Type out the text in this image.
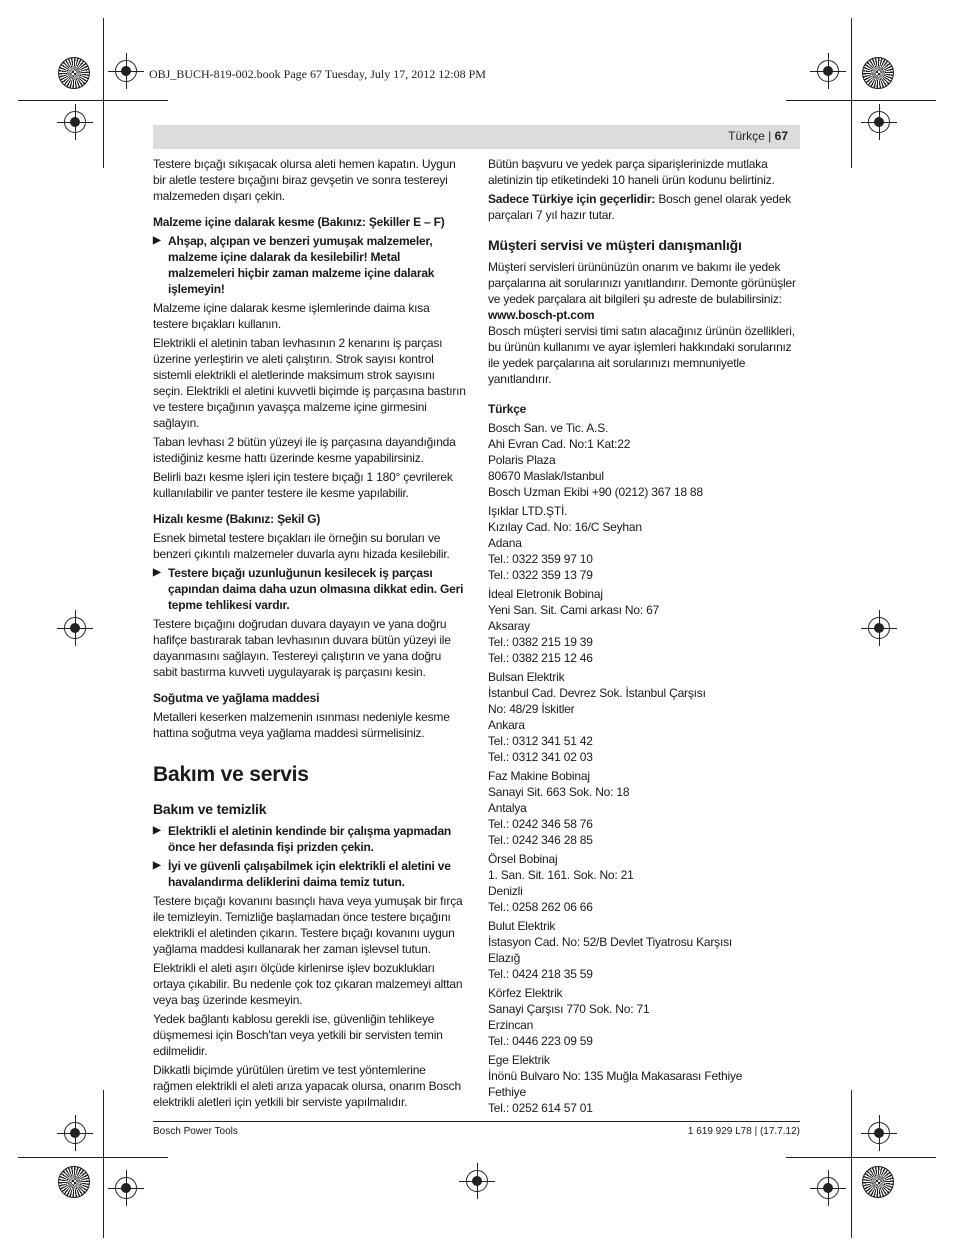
OBJ_BUCH-819-002.book Page 67 Tuesday, July 17, 2012 12:08 PM
Türkçe | 67

Testere bıçağı sıkışacak olursa aleti hemen kapatın. Uygun bir aletle testere bıçağını biraz gevşetin ve sonra testereyi malzemeden dışarı çekin.

Malzeme içine dalarak kesme (Bakınız: Şekiller E – F)
▶ Ahşap, alçıpan ve benzeri yumuşak malzemeler, malzeme içine dalarak da kesilebilir! Metal malzemeleri hiçbir zaman malzeme içine dalarak işlemeyin!

Malzeme içine dalarak kesme işlemlerinde daima kısa testere bıçakları kullanın.

Elektrikli el aletinin taban levhasının 2 kenarını iş parçası üzerine yerleştirin ve aleti çalıştırın. Strok sayısı kontrol sistemli elektrikli el aletlerinde maksimum strok sayısını seçin. Elektrikli el aletini kuvvetli biçimde iş parçasına bastırın ve testere bıçağının yavaşça malzeme içine girmesini sağlayın.

Taban levhası 2 bütün yüzeyi ile iş parçasına dayandığında istediğiniz kesme hattı üzerinde kesme yapabilirsiniz.

Belirli bazı kesme işleri için testere bıçağı 1 180° çevrilerek kullanılabilir ve panter testere ile kesme yapılabilir.

Hizalı kesme (Bakınız: Şekil G)

Esnek bimetal testere bıçakları ile örneğin su boruları ve benzeri çıkıntılı malzemeler duvarla aynı hizada kesilebilir.

▶ Testere bıçağı uzunluğunun kesilecek iş parçası çapından daima daha uzun olmasına dikkat edin. Geri tepme tehlikesi vardır.

Testere bıçağını doğrudan duvara dayayın ve yana doğru hafifçe bastırarak taban levhasının duvara bütün yüzeyi ile dayanmasını sağlayın. Testereyi çalıştırın ve yana doğru sabit bastırma kuvveti uygulayarak iş parçasını kesin.

Soğutma ve yağlama maddesi

Metalleri keserken malzemenin ısınması nedeniyle kesme hattına soğutma veya yağlama maddesi sürmelisiniz.

Bakım ve servis
Bakım ve temizlik
▶ Elektrikli el aletinin kendinde bir çalışma yapmadan önce her defasında fişi prizden çekin.
▶ İyi ve güvenli çalışabilmek için elektrikli el aletini ve havalandırma deliklerini daima temiz tutun.

Testere bıçağı kovanını basınçlı hava veya yumuşak bir fırça ile temizleyin. Temizliğe başlamadan önce testere bıçağını elektrikli el aletinden çıkarın. Testere bıçağı kovanını uygun yağlama maddesi kullanarak her zaman işlevsel tutun.

Elektrikli el aleti aşırı ölçüde kirlenirse işlev bozuklukları ortaya çıkabilir. Bu nedenle çok toz çıkaran malzemeyi alttan veya baş üzerinde kesmeyin.

Yedek bağlantı kablosu gerekli ise, güvenliğin tehlikeye düşmemesi için Bosch'tan veya yetkili bir servisten temin edilmelidir.

Dikkatli biçimde yürütülen üretim ve test yöntemlerine rağmen elektrikli el aleti arıza yapacak olursa, onarım Bosch elektrikli aletleri için yetkili bir serviste yapılmalıdır.

Bütün başvuru ve yedek parça siparişlerinizde mutlaka aletinizin tip etiketindeki 10 haneli ürün kodunu belirtiniz.

Sadece Türkiye için geçerlidir: Bosch genel olarak yedek parçaları 7 yıl hazır tutar.

Müşteri servisi ve müşteri danışmanlığı

Müşteri servisleri ürününüzün onarım ve bakımı ile yedek parçalarına ait sorularınızı yanıtlandırır. Demonte görünüşler ve yedek parçalara ait bilgileri şu adreste de bulabilirsiniz:

www.bosch-pt.com

Bosch müşteri servisi timi satın alacağınız ürünün özellikleri, bu ürünün kullanımı ve ayar işlemleri hakkındaki sorularınız ile yedek parçalarına ait sorularınızı memnuniyetle yanıtlandırır.

Türkçe

Bosch San. ve Tic. A.S.
Ahi Evran Cad. No:1 Kat:22
Polaris Plaza
80670 Maslak/Istanbul
Bosch Uzman Ekibi +90 (0212) 367 18 88

Işıklar LTD.ŞTİ.
Kızılay Cad. No: 16/C Seyhan
Adana
Tel.: 0322 359 97 10
Tel.: 0322 359 13 79

İdeal Eletronik Bobinaj
Yeni San. Sit. Cami arkası No: 67
Aksaray
Tel.: 0382 215 19 39
Tel.: 0382 215 12 46

Bulsan Elektrik
İstanbul Cad. Devrez Sok. İstanbul Çarşısı
No: 48/29 İskitler
Ankara
Tel.: 0312 341 51 42
Tel.: 0312 341 02 03

Faz Makine Bobinaj
Sanayi Sit. 663 Sok. No: 18
Antalya
Tel.: 0242 346 58 76
Tel.: 0242 346 28 85

Örsel Bobinaj
1. San. Sit. 161. Sok. No: 21
Denizli
Tel.: 0258 262 06 66

Bulut Elektrik
İstasyon Cad. No: 52/B Devlet Tiyatrosu Karşısı
Elazığ
Tel.: 0424 218 35 59

Körfez Elektrik
Sanayi Çarşısı 770 Sok. No: 71
Erzincan
Tel.: 0446 223 09 59

Ege Elektrik
İnönü Bulvaro No: 135 Muğla Makasarası Fethiye
Fethiye
Tel.: 0252 614 57 01

Bosch Power Tools	1 619 929 L78 | (17.7.12)
